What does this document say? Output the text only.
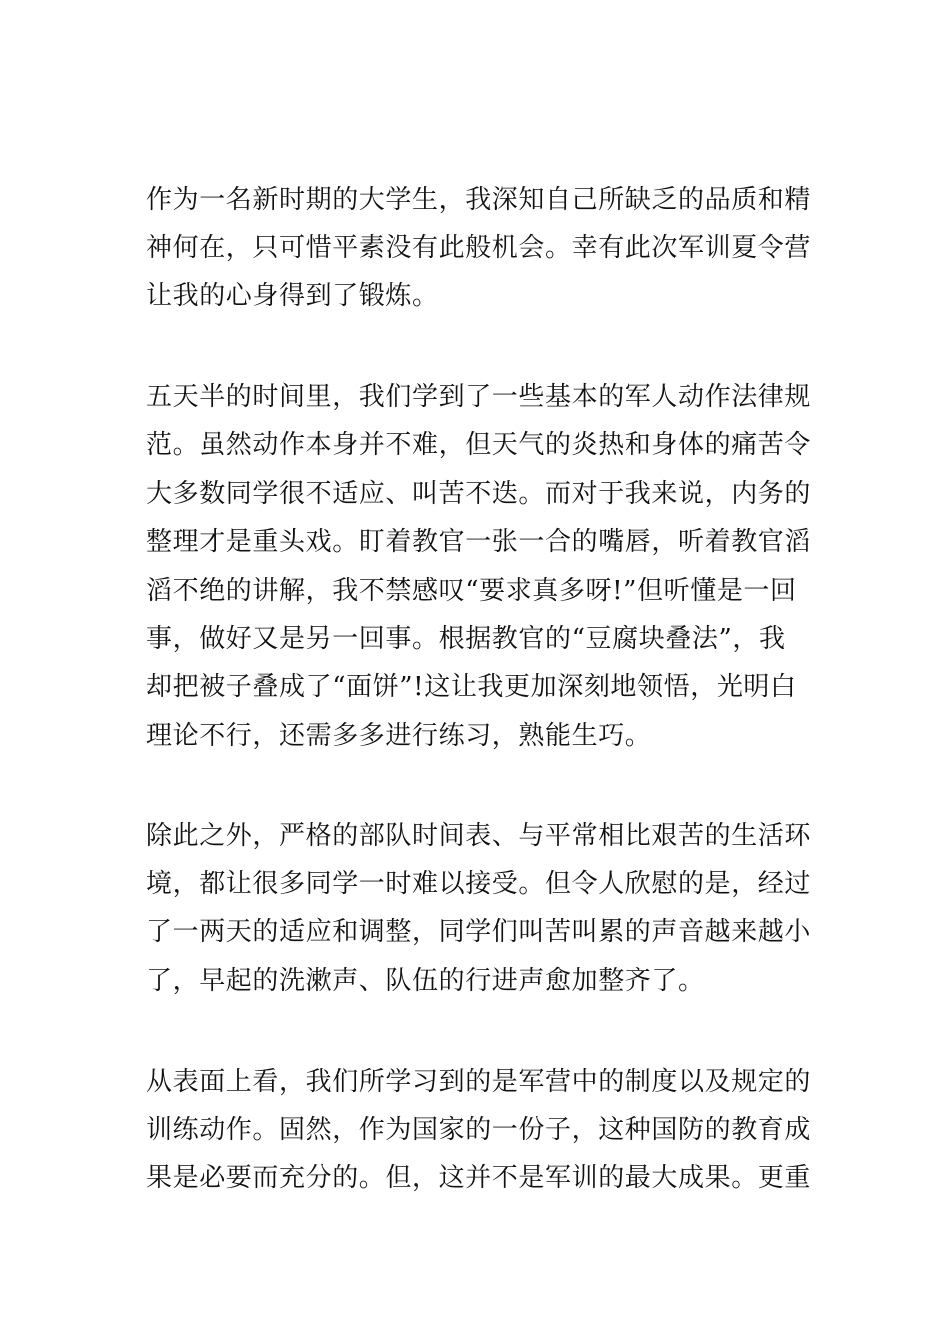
作为一名新时期的大学生，我深知自己所缺乏的品质和精
神何在，只可惜平素没有此般机会。幸有此次军训夏令营
让我的心身得到了锻炼。
五天半的时间里，我们学到了一些基本的军人动作法律规
范。虽然动作本身并不难，但天气的炎热和身体的痛苦令
大多数同学很不适应、叫苦不迭。而对于我来说，内务的
整理才是重头戏。盯着教官一张一合的嘴唇，听着教官滔
滔不绝的讲解，我不禁感叹“要求真多呀!”但听懂是一回
事，做好又是另一回事。根据教官的“豆腐块叠法”，我
却把被子叠成了“面饼”!这让我更加深刻地领悟，光明白
理论不行，还需多多进行练习，熟能生巧。
除此之外，严格的部队时间表、与平常相比艰苦的生活环
境，都让很多同学一时难以接受。但令人欣慰的是，经过
了一两天的适应和调整，同学们叫苦叫累的声音越来越小
了，早起的洗漱声、队伍的行进声愈加整齐了。
从表面上看，我们所学习到的是军营中的制度以及规定的
训练动作。固然，作为国家的一份子，这种国防的教育成
果是必要而充分的。但，这并不是军训的最大成果。更重
